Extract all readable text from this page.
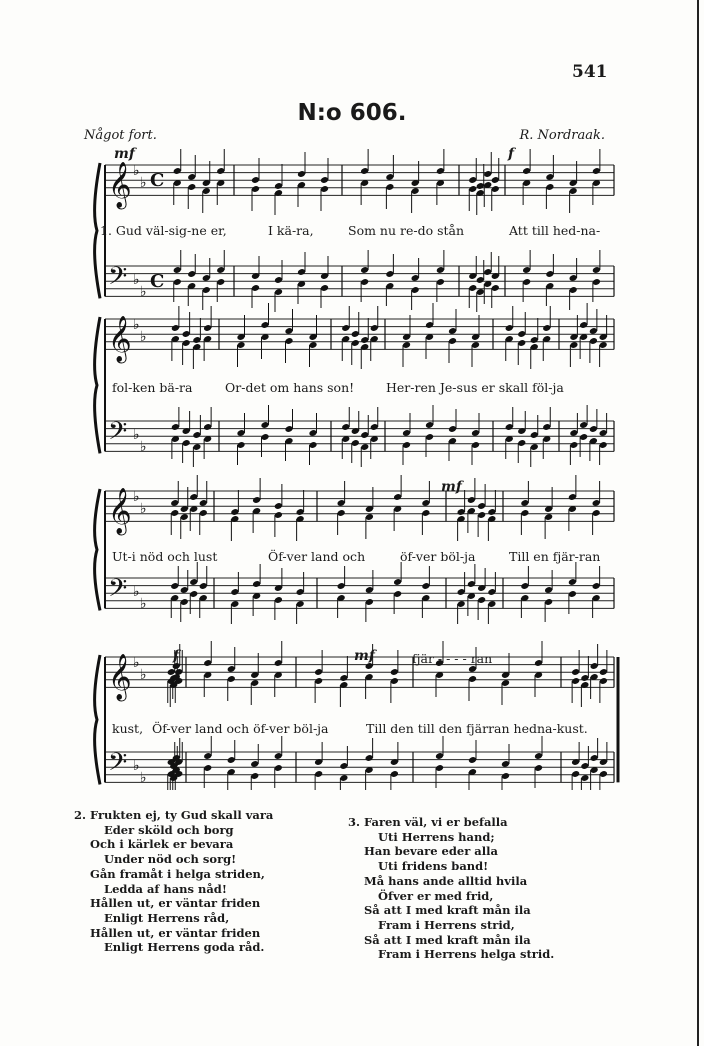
541
N:o 606.
Något fort.	R. Nordraak.
𝄞 ♭
♭ C
𝄢 ♭
♭ C
𝄞 ♭
♭
𝄢 ♭
♭
𝄞 ♭
♭
𝄢 ♭
♭
𝄞 ♭
♭
𝄢 ♭
♭
mf	f
mf
f	mf	fjär - - - - ran
1. Gud väl-sig-ne er,	I kä-ra,	Som nu re-do stån	Att till hed-na-
fol-ken bä-ra	Or-det om hans son!	Her-ren Je-sus er skall föl-ja
Ut-i nöd och lust	Öf-ver land och	öf-ver böl-ja	Till en fjär-ran
kust, Öf-ver land och öf-ver böl-ja	Till den till den fjärran hedna-kust.
2. Frukten ej, ty Gud skall vara
Eder sköld och borg
Och i kärlek er bevara
Under nöd och sorg!
Gån framåt i helga striden,
Ledda af hans nåd!
Hållen ut, er väntar friden
Enligt Herrens råd,
Hållen ut, er väntar friden
Enligt Herrens goda råd.
3. Faren väl, vi er befalla
Uti Herrens hand;
Han bevare eder alla
Uti fridens band!
Må hans ande alltid hvila
Öfver er med frid,
Så att I med kraft mån ila
Fram i Herrens strid,
Så att I med kraft mån ila
Fram i Herrens helga strid.
